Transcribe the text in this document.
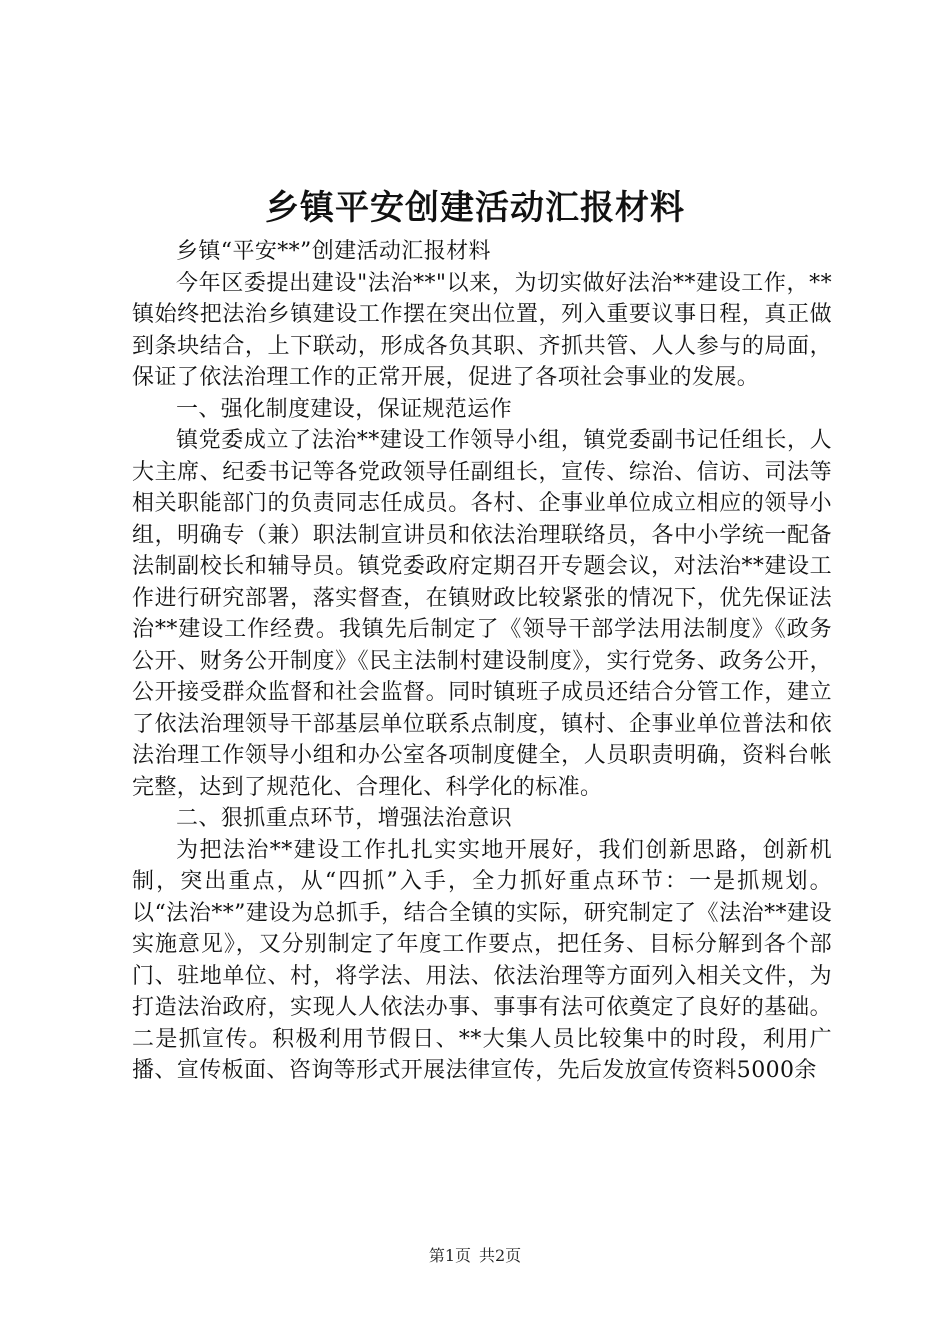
乡镇平安创建活动汇报材料

乡镇“平安**”创建活动汇报材料

今年区委提出建设"法治**"以来，为切实做好法治**建设工作，**镇始终把法治乡镇建设工作摆在突出位置，列入重要议事日程，真正做到条块结合，上下联动，形成各负其职、齐抓共管、人人参与的局面，保证了依法治理工作的正常开展，促进了各项社会事业的发展。

一、强化制度建设，保证规范运作

镇党委成立了法治**建设工作领导小组，镇党委副书记任组长，人大主席、纪委书记等各党政领导任副组长，宣传、综治、信访、司法等相关职能部门的负责同志任成员。各村、企事业单位成立相应的领导小组，明确专（兼）职法制宣讲员和依法治理联络员，各中小学统一配备法制副校长和辅导员。镇党委政府定期召开专题会议，对法治**建设工作进行研究部署，落实督查，在镇财政比较紧张的情况下，优先保证法治**建设工作经费。我镇先后制定了《领导干部学法用法制度》《政务公开、财务公开制度》《民主法制村建设制度》，实行党务、政务公开，公开接受群众监督和社会监督。同时镇班子成员还结合分管工作，建立了依法治理领导干部基层单位联系点制度，镇村、企事业单位普法和依法治理工作领导小组和办公室各项制度健全，人员职责明确，资料台帐完整，达到了规范化、合理化、科学化的标准。

二、狠抓重点环节，增强法治意识

为把法治**建设工作扎扎实实地开展好，我们创新思路，创新机制，突出重点，从“四抓”入手，全力抓好重点环节：一是抓规划。以“法治**”建设为总抓手，结合全镇的实际，研究制定了《法治**建设实施意见》，又分别制定了年度工作要点，把任务、目标分解到各个部门、驻地单位、村，将学法、用法、依法治理等方面列入相关文件，为打造法治政府，实现人人依法办事、事事有法可依奠定了良好的基础。二是抓宣传。积极利用节假日、**大集人员比较集中的时段，利用广播、宣传板面、咨询等形式开展法律宣传，先后发放宣传资料5000余

第1页 共2页
